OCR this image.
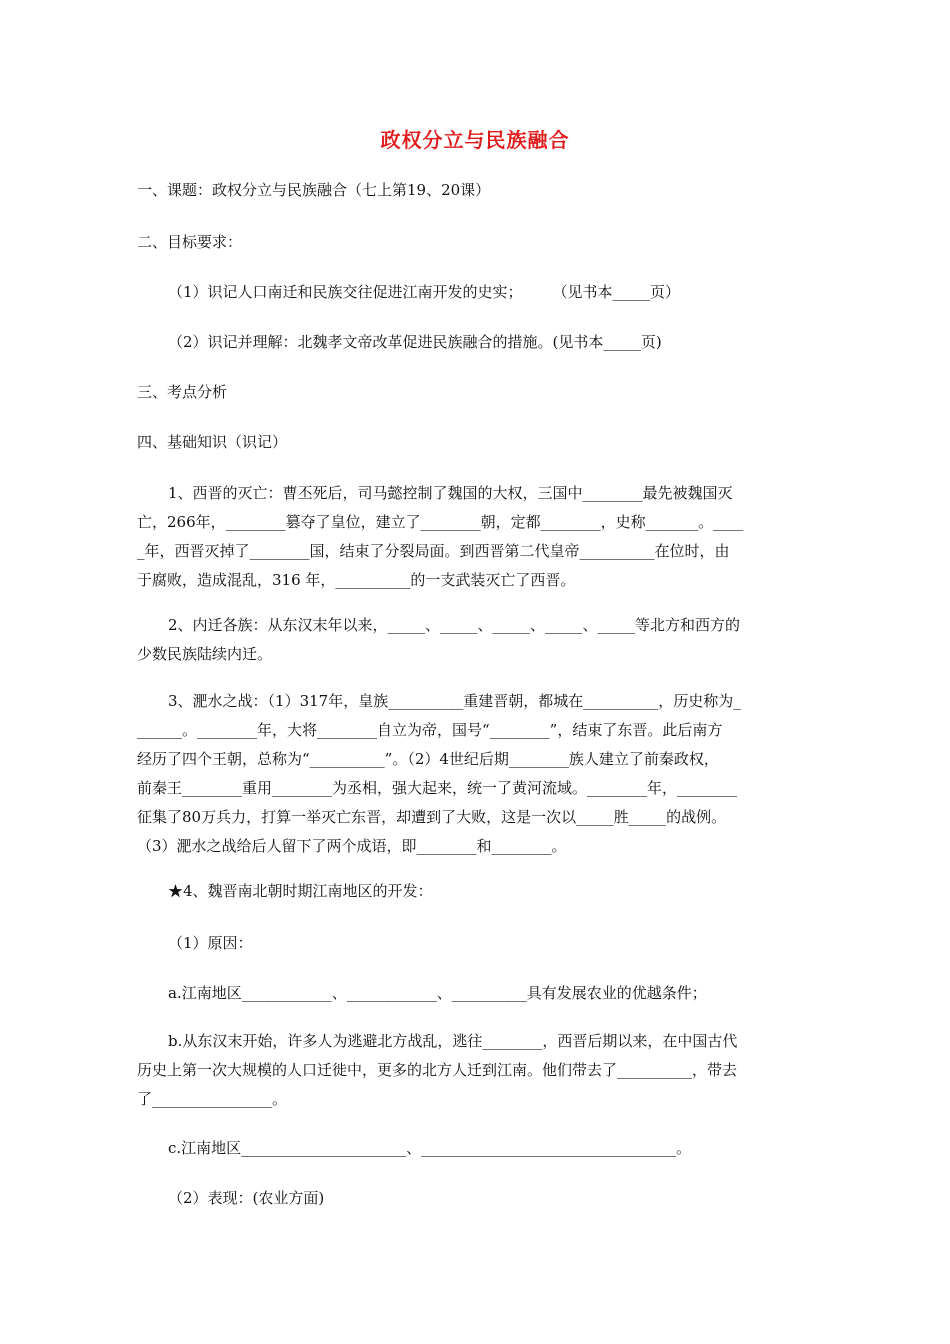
政权分立与民族融合
一、课题：政权分立与民族融合（七上第19、20课）
二、目标要求：
（1）识记人口南迁和民族交往促进江南开发的史实；　　　（见书本_____页）
（2）识记并理解：北魏孝文帝改革促进民族融合的措施。(见书本_____页)
三、考点分析
四、基础知识（识记）
1、西晋的灭亡：曹丕死后，司马懿控制了魏国的大权，三国中________最先被魏国灭
亡，266年，________篡夺了皇位，建立了________朝，定都________，史称_______。____
_年，西晋灭掉了________国，结束了分裂局面。到西晋第二代皇帝__________在位时，由
于腐败，造成混乱，316 年，__________的一支武装灭亡了西晋。
2、内迁各族：从东汉末年以来，_____、_____、_____、_____、_____等北方和西方的
少数民族陆续内迁。
3、淝水之战：（1）317年，皇族__________重建晋朝，都城在__________，历史称为_
______。________年，大将________自立为帝，国号“________”，结束了东晋。此后南方
经历了四个王朝，总称为“__________”。（2）4世纪后期________族人建立了前秦政权，
前秦王________重用________为丞相，强大起来，统一了黄河流域。________年，________
征集了80万兵力，打算一举灭亡东晋，却遭到了大败，这是一次以_____胜_____的战例。
（3）淝水之战给后人留下了两个成语，即________和________。
★4、魏晋南北朝时期江南地区的开发：
（1）原因：
a.江南地区____________、____________、__________具有发展农业的优越条件；
b.从东汉末开始，许多人为逃避北方战乱，逃往________，西晋后期以来，在中国古代
历史上第一次大规模的人口迁徙中，更多的北方人迁到江南。他们带去了__________，带去
了________________。
c.江南地区______________________、__________________________________。
（2）表现：(农业方面)
